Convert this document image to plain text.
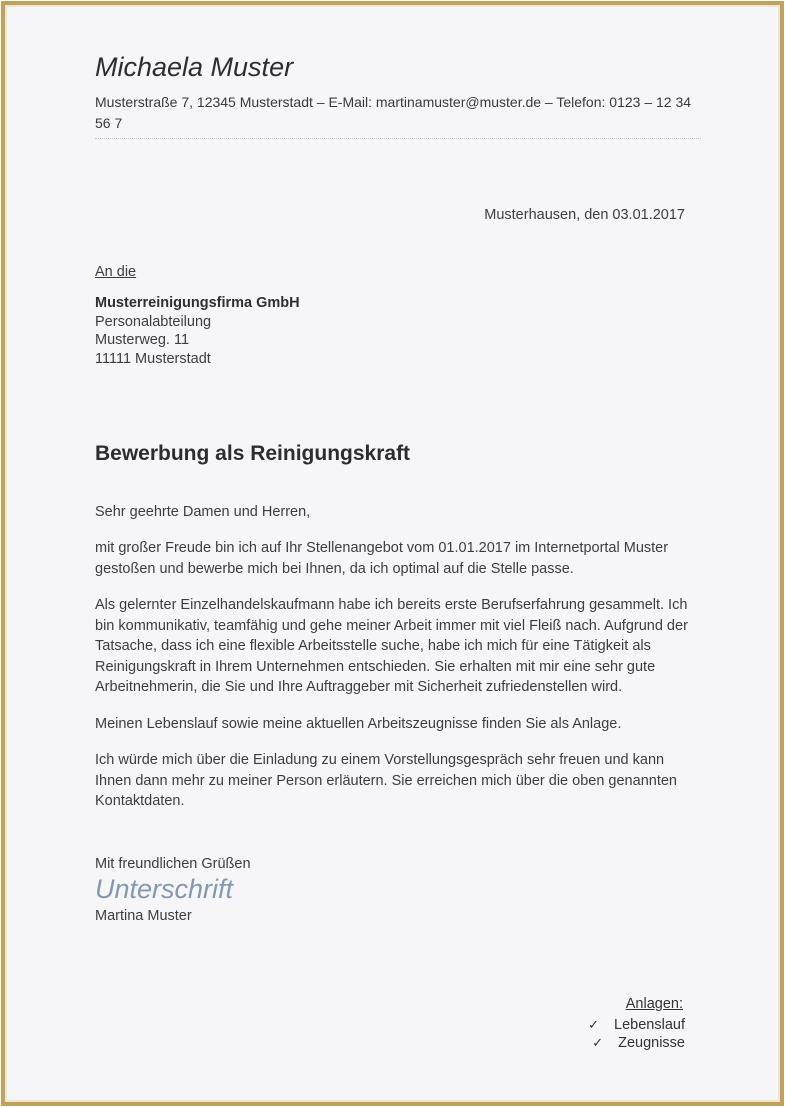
Michaela Muster
Musterstraße 7, 12345 Musterstadt – E-Mail: martinamuster@muster.de – Telefon: 0123 – 12 34 56 7
Musterhausen, den 03.01.2017
An die
Musterreinigungsfirma GmbH
Personalabteilung
Musterweg. 11
11111 Musterstadt
Bewerbung als Reinigungskraft
Sehr geehrte Damen und Herren,

mit großer Freude bin ich auf Ihr Stellenangebot vom 01.01.2017 im Internetportal Muster gestoßen und bewerbe mich bei Ihnen, da ich optimal auf die Stelle passe.

Als gelernter Einzelhandelskaufmann habe ich bereits erste Berufserfahrung gesammelt. Ich bin kommunikativ, teamfähig und gehe meiner Arbeit immer mit viel Fleiß nach. Aufgrund der Tatsache, dass ich eine flexible Arbeitsstelle suche, habe ich mich für eine Tätigkeit als Reinigungskraft in Ihrem Unternehmen entschieden. Sie erhalten mit mir eine sehr gute Arbeitnehmerin, die Sie und Ihre Auftraggeber mit Sicherheit zufriedenstellen wird.

Meinen Lebenslauf sowie meine aktuellen Arbeitszeugnisse finden Sie als Anlage.

Ich würde mich über die Einladung zu einem Vorstellungsgespräch sehr freuen und kann Ihnen dann mehr zu meiner Person erläutern. Sie erreichen mich über die oben genannten Kontaktdaten.

Mit freundlichen Grüßen
Unterschrift
Martina Muster
Anlagen:
✓ Lebenslauf
✓ Zeugnisse
